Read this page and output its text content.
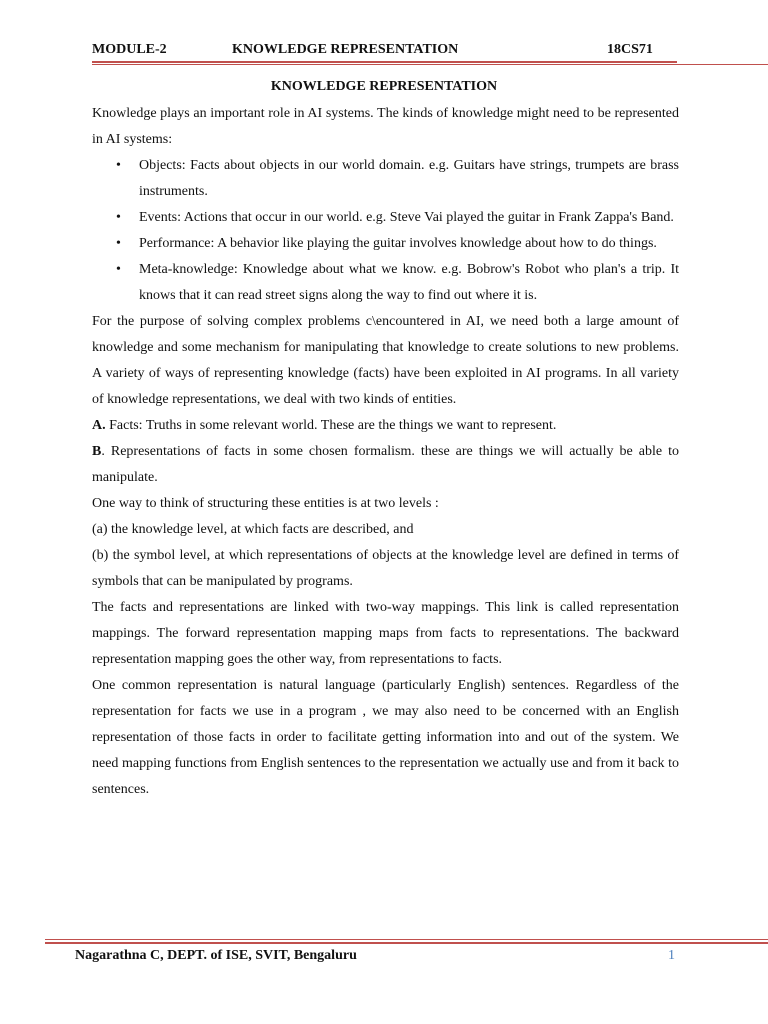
MODULE-2	KNOWLEDGE REPRESENTATION	18CS71
KNOWLEDGE REPRESENTATION

Knowledge plays an important role in AI systems. The kinds of knowledge might need to be represented in AI systems:

• Objects: Facts about objects in our world domain. e.g. Guitars have strings, trumpets are brass instruments.
• Events: Actions that occur in our world. e.g. Steve Vai played the guitar in Frank Zappa's Band.
• Performance: A behavior like playing the guitar involves knowledge about how to do things.
• Meta-knowledge: Knowledge about what we know. e.g. Bobrow's Robot who plan's a trip. It knows that it can read street signs along the way to find out where it is.

For the purpose of solving complex problems c\encountered in AI, we need both a large amount of knowledge and some mechanism for manipulating that knowledge to create solutions to new problems. A variety of ways of representing knowledge (facts) have been exploited in AI programs. In all variety of knowledge representations, we deal with two kinds of entities.

A. Facts: Truths in some relevant world. These are the things we want to represent.

B. Representations of facts in some chosen formalism. these are things we will actually be able to manipulate.

One way to think of structuring these entities is at two levels :

(a) the knowledge level, at which facts are described, and

(b) the symbol level, at which representations of objects at the knowledge level are defined in terms of symbols that can be manipulated by programs.

The facts and representations are linked with two-way mappings. This link is called representation mappings. The forward representation mapping maps from facts to representations. The backward representation mapping goes the other way, from representations to facts.

One common representation is natural language (particularly English) sentences. Regardless of the representation for facts we use in a program , we may also need to be concerned with an English representation of those facts in order to facilitate getting information into and out of the system. We need mapping functions from English sentences to the representation we actually use and from it back to sentences.

Nagarathna C, DEPT. of ISE, SVIT, Bengaluru	1
